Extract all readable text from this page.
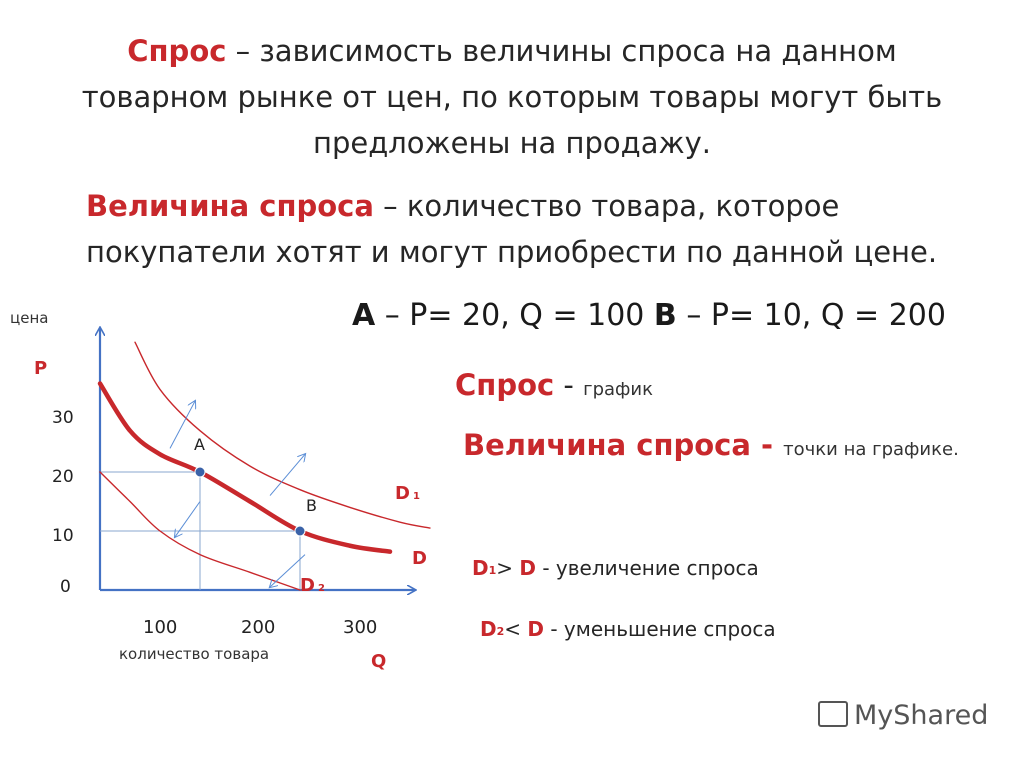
Спрос – зависимость величины спроса на данном товарном рынке от цен, по которым товары могут быть предложены на продажу.
Величина спроса – количество товара, которое покупатели хотят и могут приобрести по данной цене.
A – P= 20, Q = 100 B – P= 10, Q = 200
Спрос - график
Величина спроса - точки на графике.
$D_1> D$ - увеличение спроса
$D_2< D$ - уменьшение спроса
цена
P
30
20
10
0
100	200	300
количество товара	Q
D 1
D
D 2
A
B
MyShared
